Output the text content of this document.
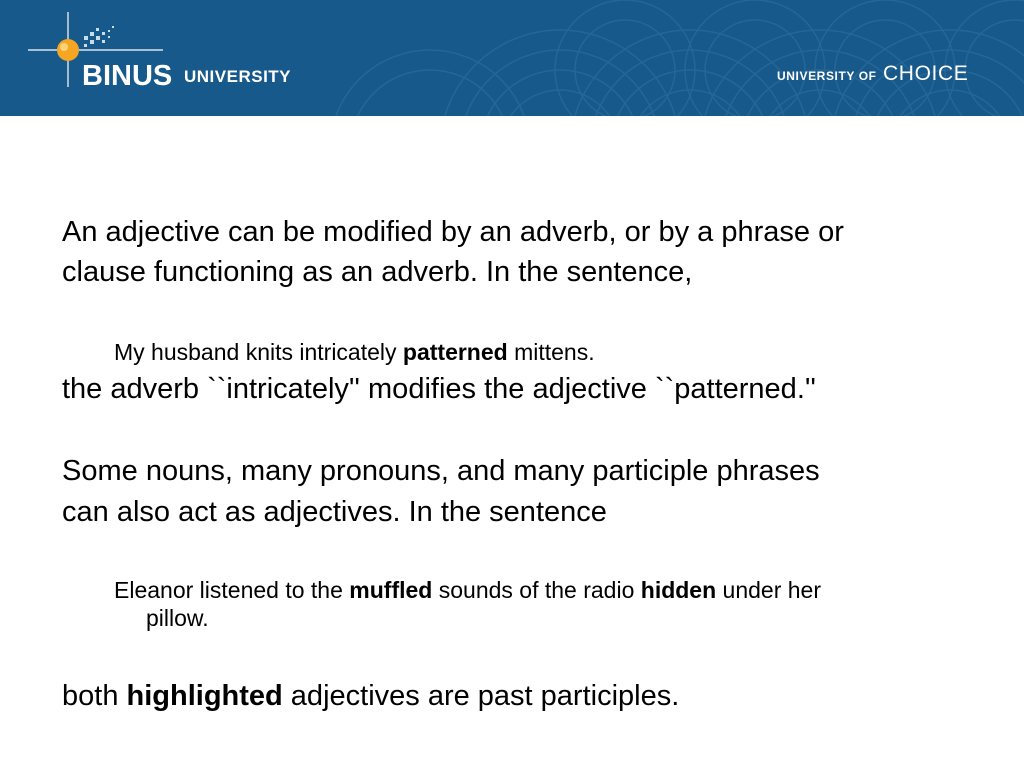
BINUS UNIVERSITY	UNIVERSITY OF CHOICE
An adjective can be modified by an adverb, or by a phrase or
clause functioning as an adverb. In the sentence,
My husband knits intricately patterned mittens.
the adverb ``intricately'' modifies the adjective ``patterned.''
Some nouns, many pronouns, and many participle phrases
can also act as adjectives. In the sentence
Eleanor listened to the muffled sounds of the radio hidden under her
pillow.
both highlighted adjectives are past participles.
